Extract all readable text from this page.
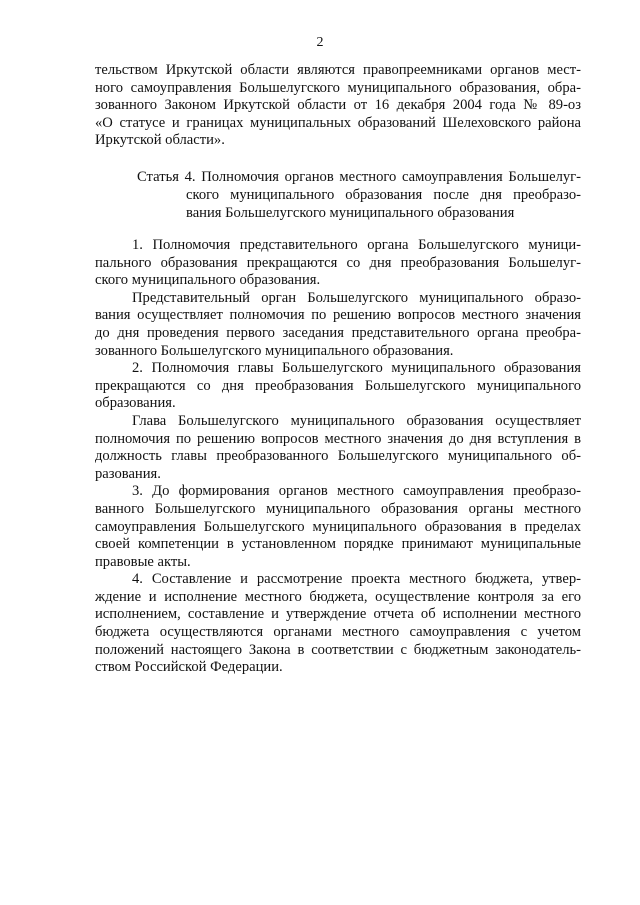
2
тельством Иркутской области являются правопреемниками органов мест-
ного самоуправления Большелугского муниципального образования, обра-
зованного Законом Иркутской области от 16 декабря 2004 года № 89-оз
«О статусе и границах муниципальных образований Шелеховского района
Иркутской области».
Статья 4. Полномочия органов местного самоуправления Большелуг-
ского муниципального образования после дня преобразо-
вания Большелугского муниципального образования
1. Полномочия представительного органа Большелугского муници-
пального образования прекращаются со дня преобразования Большелуг-
ского муниципального образования.
Представительный орган Большелугского муниципального образо-
вания осуществляет полномочия по решению вопросов местного значения
до дня проведения первого заседания представительного органа преобра-
зованного Большелугского муниципального образования.
2. Полномочия главы Большелугского муниципального образования
прекращаются со дня преобразования Большелугского муниципального
образования.
Глава Большелугского муниципального образования осуществляет
полномочия по решению вопросов местного значения до дня вступления в
должность главы преобразованного Большелугского муниципального об-
разования.
3. До формирования органов местного самоуправления преобразо-
ванного Большелугского муниципального образования органы местного
самоуправления Большелугского муниципального образования в пределах
своей компетенции в установленном порядке принимают муниципальные
правовые акты.
4. Составление и рассмотрение проекта местного бюджета, утвер-
ждение и исполнение местного бюджета, осуществление контроля за его
исполнением, составление и утверждение отчета об исполнении местного
бюджета осуществляются органами местного самоуправления с учетом
положений настоящего Закона в соответствии с бюджетным законодатель-
ством Российской Федерации.
